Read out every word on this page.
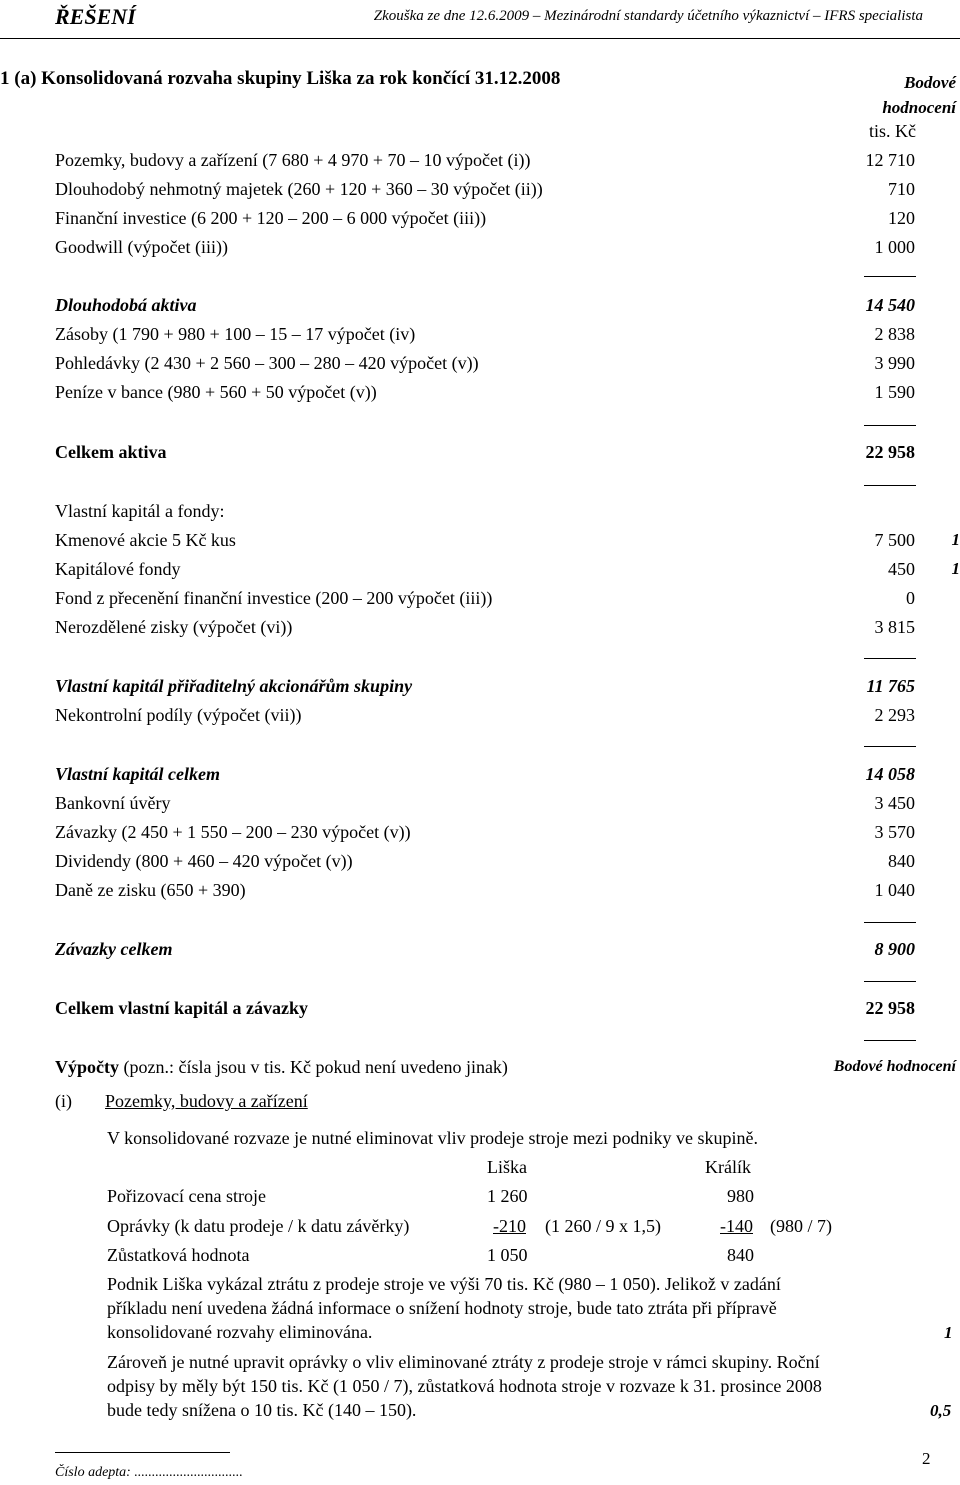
ŘEŠENÍ	Zkouška ze dne 12.6.2009 – Mezinárodní standardy účetního výkaznictví – IFRS specialista
1 (a) Konsolidovaná rozvaha skupiny Liška za rok končící 31.12.2008	Bodové
hodnocení
tis. Kč
Pozemky, budovy a zařízení (7 680 + 4 970 + 70 – 10 výpočet (i))	12 710
Dlouhodobý nehmotný majetek (260 + 120 + 360 – 30 výpočet (ii))	710
Finanční investice (6 200 + 120 – 200 – 6 000 výpočet (iii))	120
Goodwill (výpočet (iii))	1 000
Dlouhodobá aktiva	14 540
Zásoby (1 790 + 980 + 100 – 15 – 17 výpočet (iv)	2 838
Pohledávky (2 430 + 2 560 – 300 – 280 – 420 výpočet (v))	3 990
Peníze v bance (980 + 560 + 50 výpočet (v))	1 590
Celkem aktiva	22 958
Vlastní kapitál a fondy:
Kmenové akcie 5 Kč kus	7 500	1
Kapitálové fondy	450	1
Fond z přecenění finanční investice (200 – 200 výpočet (iii))	0
Nerozdělené zisky (výpočet (vi))	3 815
Vlastní kapitál přiřaditelný akcionářům skupiny	11 765
Nekontrolní podíly (výpočet (vii))	2 293
Vlastní kapitál celkem	14 058
Bankovní úvěry	3 450
Závazky (2 450 + 1 550 – 200 – 230 výpočet (v))	3 570
Dividendy (800 + 460 – 420 výpočet (v))	840
Daně ze zisku (650 + 390)	1 040
Závazky celkem	8 900
Celkem vlastní kapitál a závazky	22 958
Výpočty (pozn.: čísla jsou v tis. Kč pokud není uvedeno jinak)	Bodové hodnocení
(i) Pozemky, budovy a zařízení
V konsolidované rozvaze je nutné eliminovat vliv prodeje stroje mezi podniky ve skupině.
Liška	Králík
Pořizovací cena stroje	1 260	980
Oprávky (k datu prodeje / k datu závěrky)	-210 (1 260 / 9 x 1,5)	-140 (980 / 7)
Zůstatková hodnota	1 050	840
Podnik Liška vykázal ztrátu z prodeje stroje ve výši 70 tis. Kč (980 – 1 050). Jelikož v zadání
příkladu není uvedena žádná informace o snížení hodnoty stroje, bude tato ztráta při přípravě
konsolidované rozvahy eliminována.	1
Zároveň je nutné upravit oprávky o vliv eliminované ztráty z prodeje stroje v rámci skupiny. Roční
odpisy by měly být 150 tis. Kč (1 050 / 7), zůstatková hodnota stroje v rozvaze k 31. prosince 2008
bude tedy snížena o 10 tis. Kč (140 – 150).	0,5
Číslo adepta: ...............................
2
